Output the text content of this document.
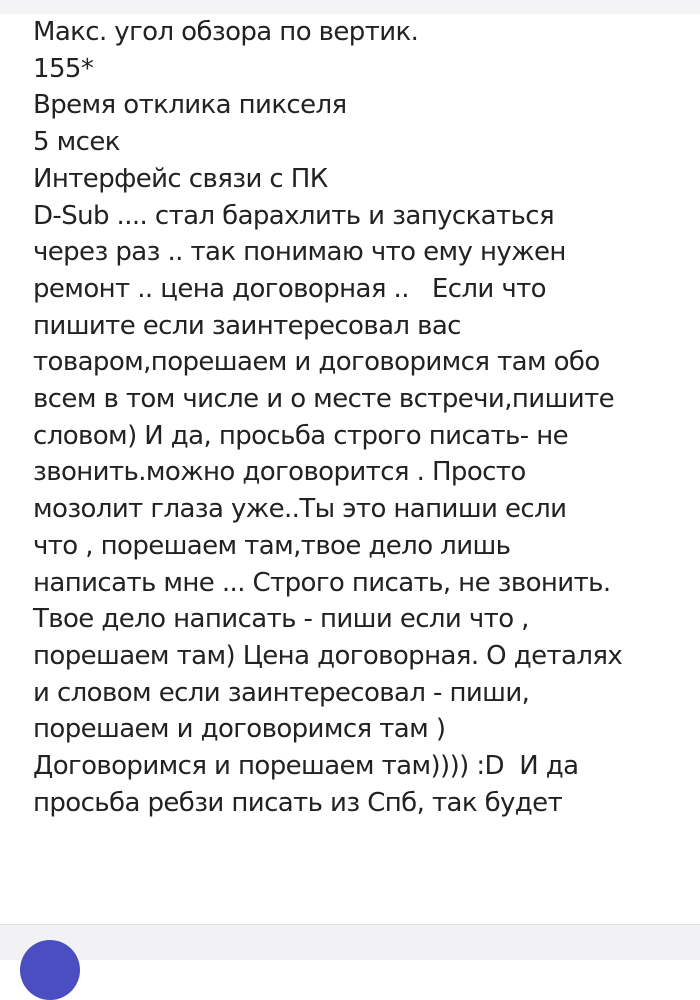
Макс. угол обзора по вертик.
155*
Время отклика пикселя
5 мсек
Интерфейс связи с ПК
D-Sub .... стал барахлить и запускаться
через раз .. так понимаю что ему нужен
ремонт .. цена договорная ..   Если что
пишите если заинтересовал вас
товаром,порешаем и договоримся там обо
всем в том числе и о месте встречи,пишите
словом) И да, просьба строго писать- не
звонить.можно договорится . Просто
мозолит глаза уже..Ты это напиши если
что , порешаем там,твое дело лишь
написать мне ... Строго писать, не звонить.
Твое дело написать - пиши если что ,
порешаем там) Цена договорная. О деталях
и словом если заинтересовал - пиши,
порешаем и договоримся там )
Договоримся и порешаем там)))) :D  И да
просьба ребзи писать из Спб, так будет
